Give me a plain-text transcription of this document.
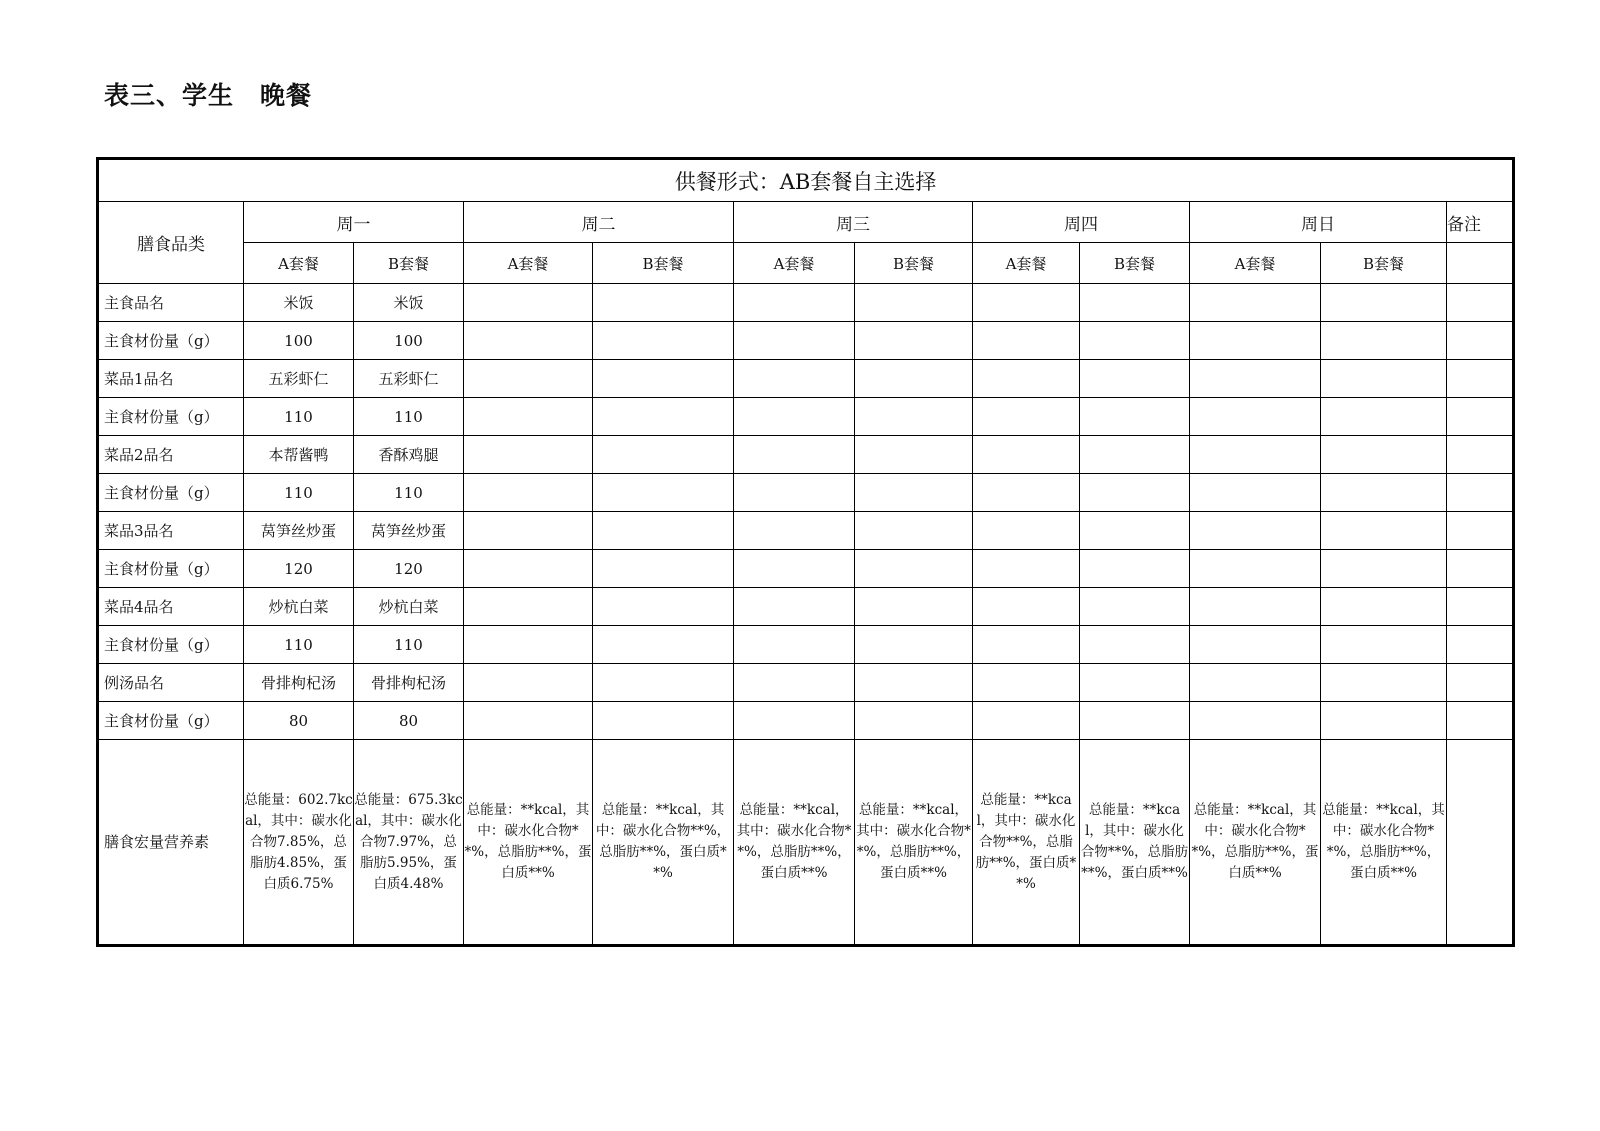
表三、学生　晚餐
供餐形式：AB套餐自主选择											
膳食品类	周一		周二		周三		周四		周日		备注
	A套餐	B套餐	A套餐	B套餐	A套餐	B套餐	A套餐	B套餐	A套餐	B套餐	
主食品名	米饭	米饭									
主食材份量（g）	100	100									
菜品1品名	五彩虾仁	五彩虾仁									
主食材份量（g）	110	110									
菜品2品名	本帮酱鸭	香酥鸡腿									
主食材份量（g）	110	110									
菜品3品名	莴笋丝炒蛋	莴笋丝炒蛋									
主食材份量（g）	120	120									
菜品4品名	炒杭白菜	炒杭白菜									
主食材份量（g）	110	110									
例汤品名	骨排枸杞汤	骨排枸杞汤									
主食材份量（g）	80	80									
膳食宏量营养素	总能量：602.7kcal，其中：碳水化合物7.85%，总脂肪4.85%，蛋白质6.75%	总能量：675.3kcal，其中：碳水化合物7.97%，总脂肪5.95%，蛋白质4.48%	总能量：**kcal，其中：碳水化合物**%，总脂肪**%，蛋白质**%	总能量：**kcal，其中：碳水化合物**%，总脂肪**%，蛋白质**%	总能量：**kcal，其中：碳水化合物**%，总脂肪**%，蛋白质**%	总能量：**kcal，其中：碳水化合物**%，总脂肪**%，蛋白质**%	总能量：**kcal，其中：碳水化合物**%，总脂肪**%，蛋白质**%	总能量：**kcal，其中：碳水化合物**%，总脂肪**%，蛋白质**%	总能量：**kcal，其中：碳水化合物**%，总脂肪**%，蛋白质**%	总能量：**kcal，其中：碳水化合物**%，总脂肪**%，蛋白质**%	
